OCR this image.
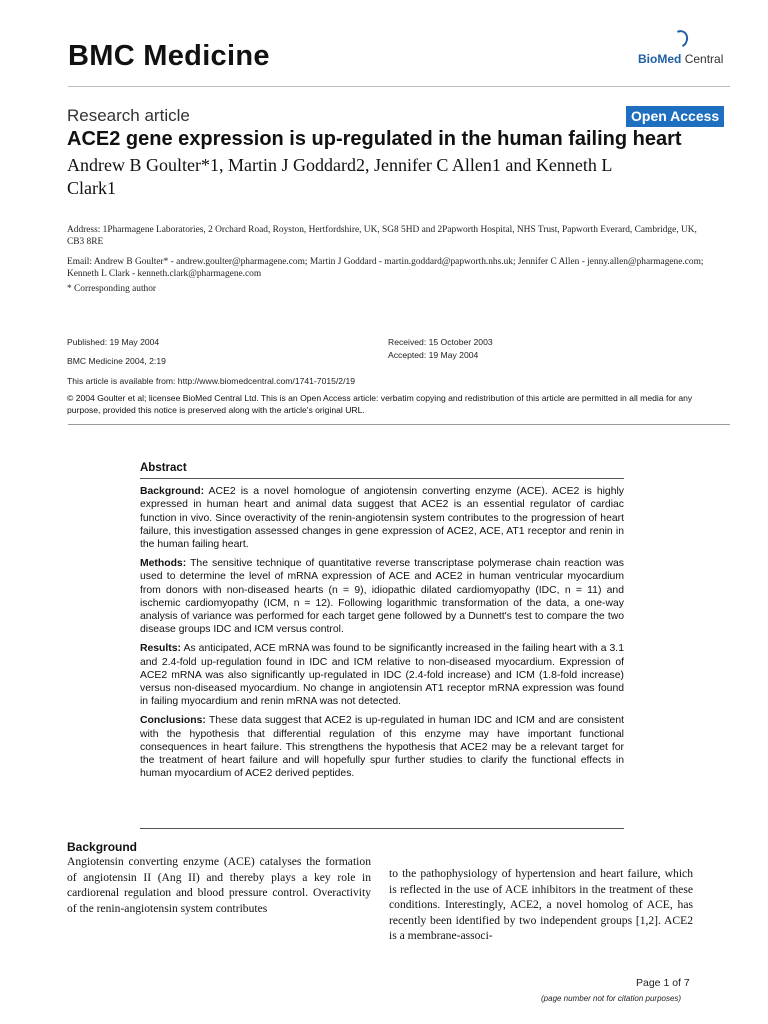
BMC Medicine	BioMed Central
Research article	Open Access
ACE2 gene expression is up-regulated in the human failing heart
Andrew B Goulter*1, Martin J Goddard2, Jennifer C Allen1 and Kenneth L Clark1
Address: 1Pharmagene Laboratories, 2 Orchard Road, Royston, Hertfordshire, UK, SG8 5HD and 2Papworth Hospital, NHS Trust, Papworth Everard, Cambridge, UK, CB3 8RE
Email: Andrew B Goulter* - andrew.goulter@pharmagene.com; Martin J Goddard - martin.goddard@papworth.nhs.uk; Jennifer C Allen - jenny.allen@pharmagene.com; Kenneth L Clark - kenneth.clark@pharmagene.com
* Corresponding author
Published: 19 May 2004
BMC Medicine 2004, 2:19
Received: 15 October 2003
Accepted: 19 May 2004
This article is available from: http://www.biomedcentral.com/1741-7015/2/19
© 2004 Goulter et al; licensee BioMed Central Ltd. This is an Open Access article: verbatim copying and redistribution of this article are permitted in all media for any purpose, provided this notice is preserved along with the article's original URL.
Abstract
Background: ACE2 is a novel homologue of angiotensin converting enzyme (ACE). ACE2 is highly expressed in human heart and animal data suggest that ACE2 is an essential regulator of cardiac function in vivo. Since overactivity of the renin-angiotensin system contributes to the progression of heart failure, this investigation assessed changes in gene expression of ACE2, ACE, AT1 receptor and renin in the human failing heart.
Methods: The sensitive technique of quantitative reverse transcriptase polymerase chain reaction was used to determine the level of mRNA expression of ACE and ACE2 in human ventricular myocardium from donors with non-diseased hearts (n = 9), idiopathic dilated cardiomyopathy (IDC, n = 11) and ischemic cardiomyopathy (ICM, n = 12). Following logarithmic transformation of the data, a one-way analysis of variance was performed for each target gene followed by a Dunnett's test to compare the two disease groups IDC and ICM versus control.
Results: As anticipated, ACE mRNA was found to be significantly increased in the failing heart with a 3.1 and 2.4-fold up-regulation found in IDC and ICM relative to non-diseased myocardium. Expression of ACE2 mRNA was also significantly up-regulated in IDC (2.4-fold increase) and ICM (1.8-fold increase) versus non-diseased myocardium. No change in angiotensin AT1 receptor mRNA expression was found in failing myocardium and renin mRNA was not detected.
Conclusions: These data suggest that ACE2 is up-regulated in human IDC and ICM and are consistent with the hypothesis that differential regulation of this enzyme may have important functional consequences in heart failure. This strengthens the hypothesis that ACE2 may be a relevant target for the treatment of heart failure and will hopefully spur further studies to clarify the functional effects in human myocardium of ACE2 derived peptides.
Background
Angiotensin converting enzyme (ACE) catalyses the formation of angiotensin II (Ang II) and thereby plays a key role in cardiorenal regulation and blood pressure control. Overactivity of the renin-angiotensin system contributes
to the pathophysiology of hypertension and heart failure, which is reflected in the use of ACE inhibitors in the treatment of these conditions. Interestingly, ACE2, a novel homolog of ACE, has recently been identified by two independent groups [1,2]. ACE2 is a membrane-associ-
Page 1 of 7
(page number not for citation purposes)
